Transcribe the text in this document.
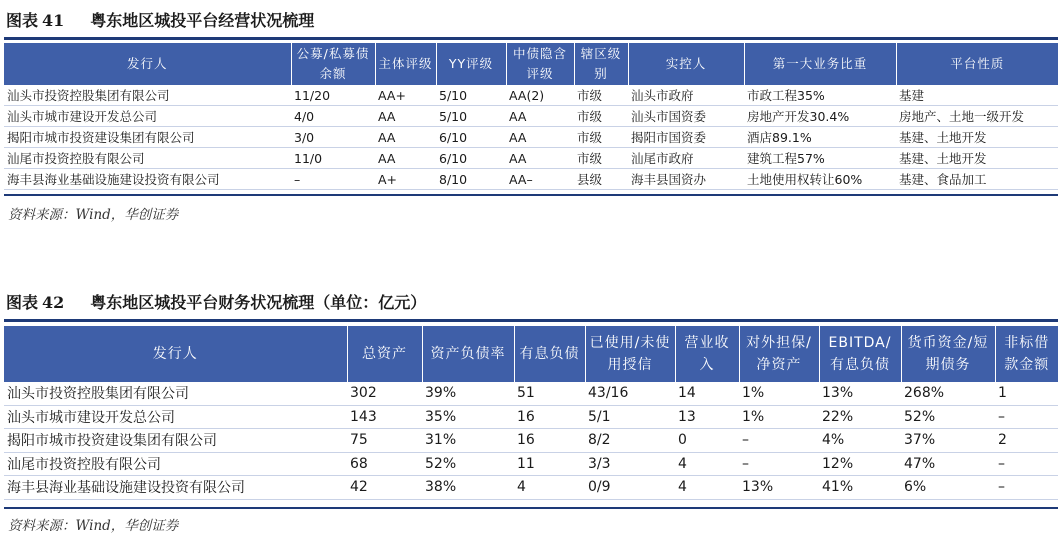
图表 41 粤东地区城投平台经营状况梳理
发行人	公募/私募债余额	主体评级	YY评级	中债隐含评级	辖区级别	实控人	第一大业务比重	平台性质
汕头市投资控股集团有限公司	11/20	AA+	5/10	AA(2)	市级	汕头市政府	市政工程35%	基建
汕头市城市建设开发总公司	4/0	AA	5/10	AA	市级	汕头市国资委	房地产开发30.4%	房地产、土地一级开发
揭阳市城市投资建设集团有限公司	3/0	AA	6/10	AA	市级	揭阳市国资委	酒店89.1%	基建、土地开发
汕尾市投资控股有限公司	11/0	AA	6/10	AA	市级	汕尾市政府	建筑工程57%	基建、土地开发
海丰县海业基础设施建设投资有限公司	–	A+	8/10	AA–	县级	海丰县国资办	土地使用权转让60%	基建、食品加工
资料来源：Wind，华创证券
图表 42 粤东地区城投平台财务状况梳理（单位：亿元）
发行人	总资产	资产负债率	有息负债	已使用/未使用授信	营业收入	对外担保/净资产	EBITDA/有息负债	货币资金/短期债务	非标借款金额
汕头市投资控股集团有限公司	302	39%	51	43/16	14	1%	13%	268%	1
汕头市城市建设开发总公司	143	35%	16	5/1	13	1%	22%	52%	–
揭阳市城市投资建设集团有限公司	75	31%	16	8/2	0	–	4%	37%	2
汕尾市投资控股有限公司	68	52%	11	3/3	4	–	12%	47%	–
海丰县海业基础设施建设投资有限公司	42	38%	4	0/9	4	13%	41%	6%	–
资料来源：Wind，华创证券
